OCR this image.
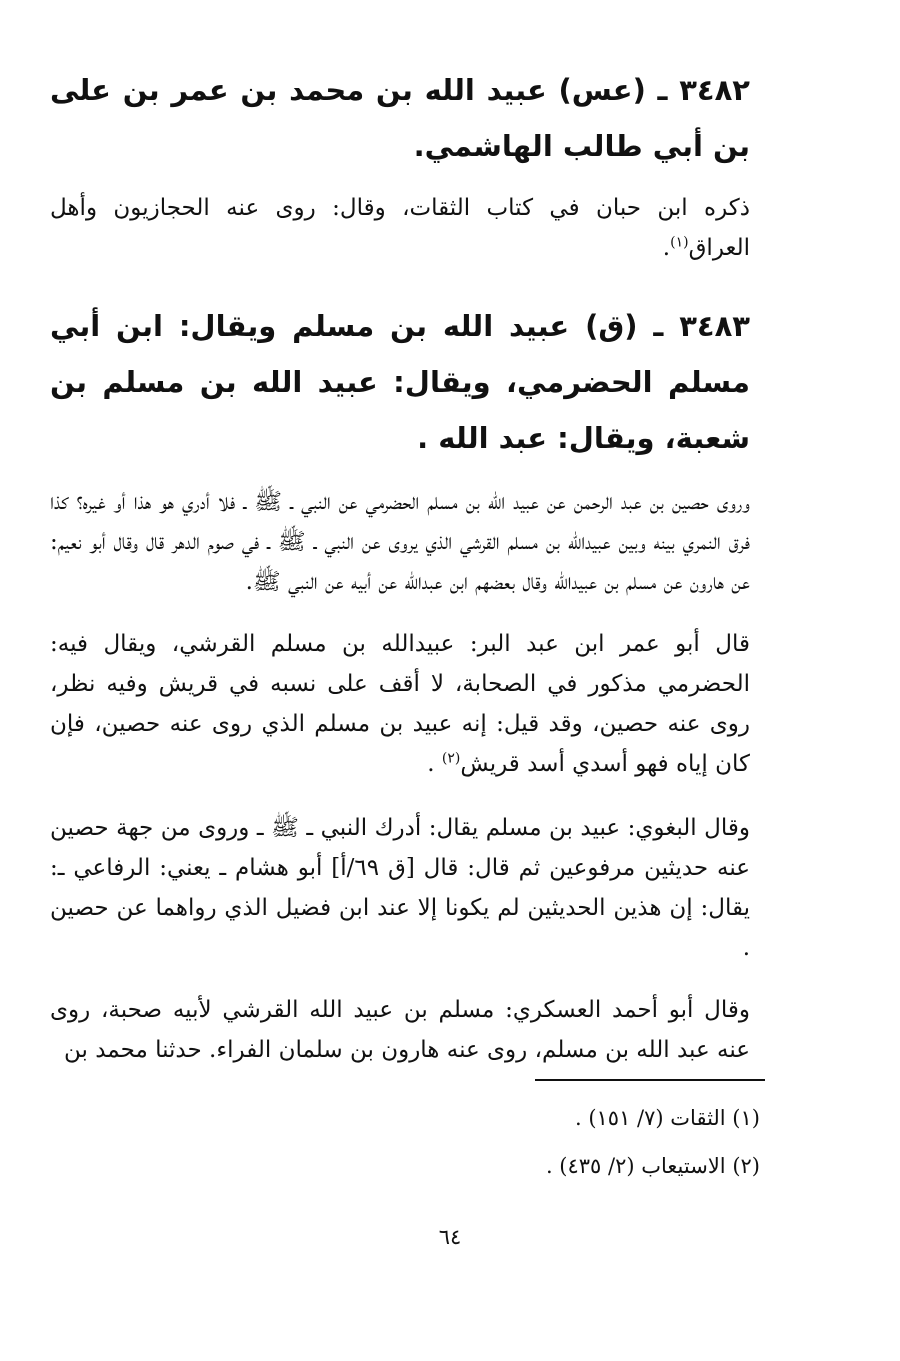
٣٤٨٢ ـ (عس) عبيد الله بن محمد بن عمر بن على بن أبي طالب الهاشمي.

ذكره ابن حبان في كتاب الثقات، وقال: روى عنه الحجازيون وأهل العراق$^{(١)}$.

٣٤٨٣ ـ (ق) عبيد الله بن مسلم ويقال: ابن أبي مسلم الحضرمي، ويقال: عبيد الله بن مسلم بن شعبة، ويقال: عبد الله .

وروى حصين بن عبد الرحمن عن عبيد الله بن مسلم الحضرمي عن النبي ـ ﷺ ـ فلا أدري هو هذا أو غيره؟ كذا فرق النمري بينه وبين عبيدالله بن مسلم القرشي الذي يروى عن النبي ـ ﷺ ـ في صوم الدهر قال وقال أبو نعيم: عن هارون عن مسلم بن عبيدالله وقال بعضهم ابن عبدالله عن أبيه عن النبي ﷺ.

قال أبو عمر ابن عبد البر: عبيدالله بن مسلم القرشي، ويقال فيه: الحضرمي مذكور في الصحابة، لا أقف على نسبه في قريش وفيه نظر، روى عنه حصين، وقد قيل: إنه عبيد بن مسلم الذي روى عنه حصين، فإن كان إياه فهو أسدي أسد قريش$^{(٢)}$ .

وقال البغوي: عبيد بن مسلم يقال: أدرك النبي ـ ﷺ ـ وروى من جهة حصين عنه حديثين مرفوعين ثم قال: قال [ق ٦٩/أ] أبو هشام ـ يعني: الرفاعي ـ: يقال: إن هذين الحديثين لم يكونا إلا عند ابن فضيل الذي رواهما عن حصين .

وقال أبو أحمد العسكري: مسلم بن عبيد الله القرشي لأبيه صحبة، روى عنه عبد الله بن مسلم، روى عنه هارون بن سلمان الفراء. حدثنا محمد بن

(١) الثقات (٧/ ١٥١) .

(٢) الاستيعاب (٢/ ٤٣٥) .

٦٤
